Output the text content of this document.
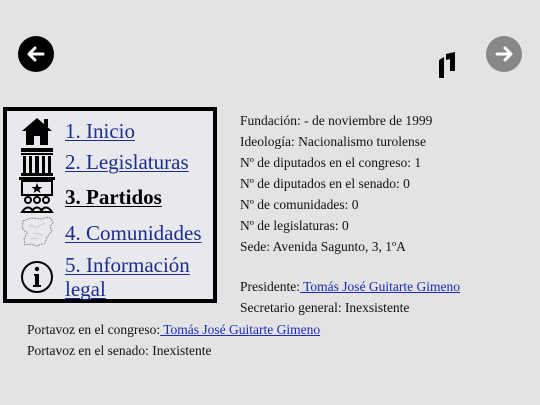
1. Inicio
2. Legislaturas
3. Partidos
4. Comunidades
5. Información legal
Fundación: - de noviembre de 1999
Ideología: Nacionalismo turolense
Nº de diputados en el congreso: 1
Nº de diputados en el senado: 0
Nº de comunidades: 0
Nº de legislaturas: 0
Sede: Avenida Sagunto, 3, 1ºA
Presidente: Tomás José Guitarte Gimeno
Secretario general: Inexsistente
Portavoz en el congreso: Tomás José Guitarte Gimeno
Portavoz en el senado: Inexistente
